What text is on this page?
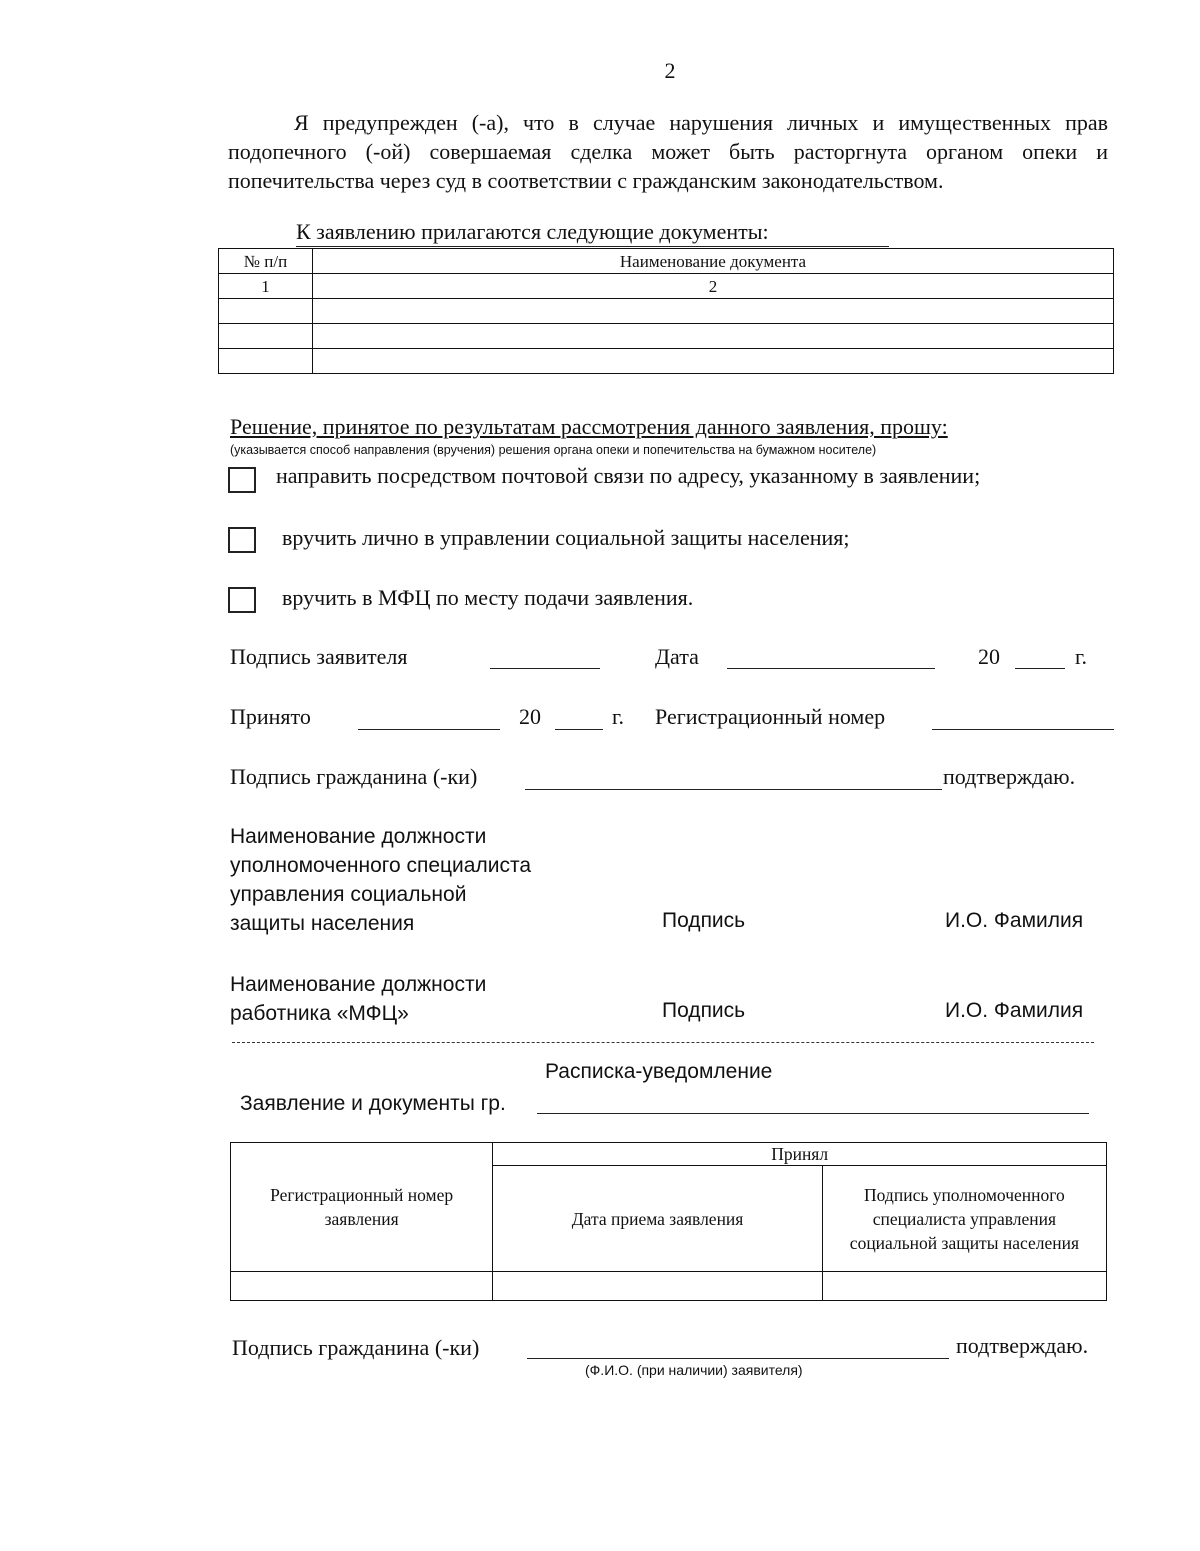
2
Я предупрежден (-а), что в случае нарушения личных и имущественных прав подопечного (-ой) совершаемая сделка может быть расторгнута органом опеки и попечительства через суд в соответствии с гражданским законодательством.
К заявлению прилагаются следующие документы:
№ п/п	Наименование документа
1	2

Решение, принятое по результатам рассмотрения данного заявления, прошу:
(указывается способ направления (вручения) решения органа опеки и попечительства на бумажном носителе)
направить посредством почтовой связи по адресу, указанному в заявлении;
вручить лично в управлении социальной защиты населения;
вручить в МФЦ по месту подачи заявления.
Подпись заявителя	Дата	20	г.
Принято	20	г. Регистрационный номер
Подпись гражданина (-ки)	подтверждаю.
Наименование должности
уполномоченного специалиста
управления социальной
защиты населения	Подпись	И.О. Фамилия
Наименование должности
работника «МФЦ»	Подпись	И.О. Фамилия
Расписка-уведомление
Заявление и документы гр.
Регистрационный номер заявления	Принял	
	Дата приема заявления	Подпись уполномоченного специалиста управления социальной защиты населения

Подпись гражданина (-ки)	подтверждаю.
(Ф.И.О. (при наличии) заявителя)
